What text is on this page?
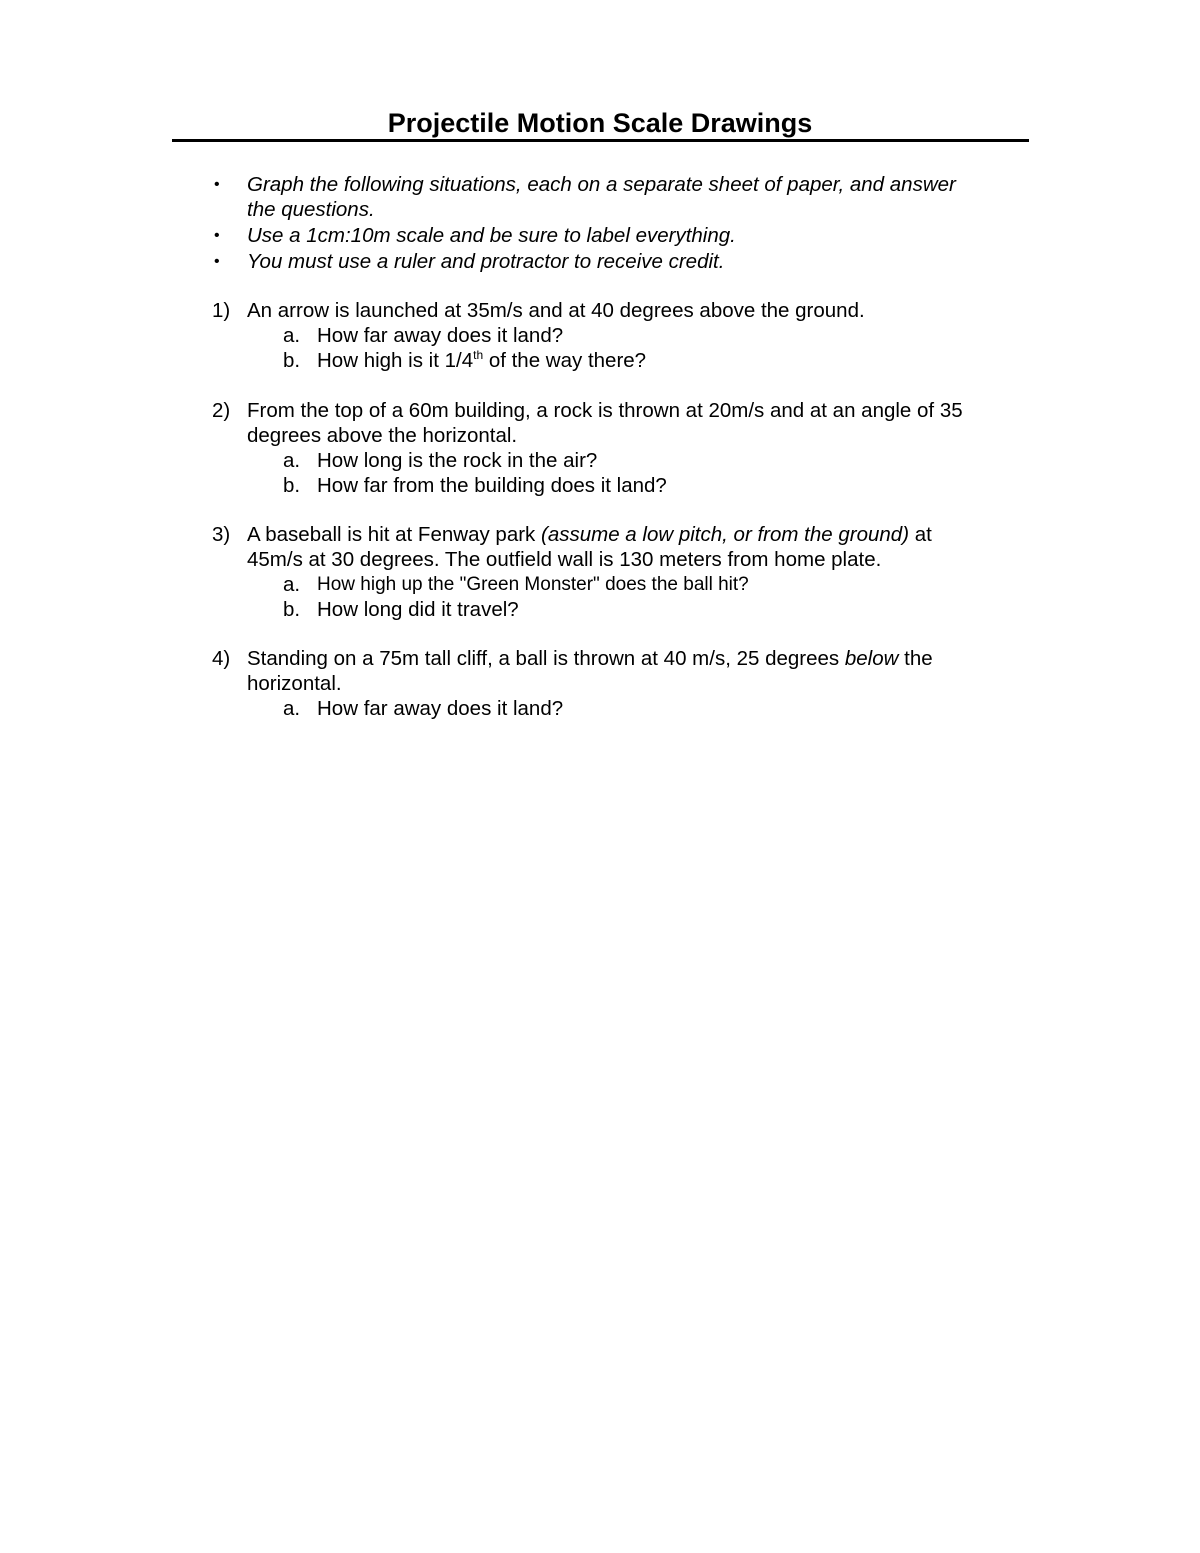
Projectile Motion Scale Drawings
• Graph the following situations, each on a separate sheet of paper, and answer
the questions.
• Use a 1cm:10m scale and be sure to label everything.
• You must use a ruler and protractor to receive credit.
1) An arrow is launched at 35m/s and at 40 degrees above the ground.
a. How far away does it land?
b. How high is it 1/4th of the way there?
2) From the top of a 60m building, a rock is thrown at 20m/s and at an angle of 35
degrees above the horizontal.
a. How long is the rock in the air?
b. How far from the building does it land?
3) A baseball is hit at Fenway park (assume a low pitch, or from the ground) at
45m/s at 30 degrees. The outfield wall is 130 meters from home plate.
a. How high up the "Green Monster" does the ball hit?
b. How long did it travel?
4) Standing on a 75m tall cliff, a ball is thrown at 40 m/s, 25 degrees below the
horizontal.
a. How far away does it land?
